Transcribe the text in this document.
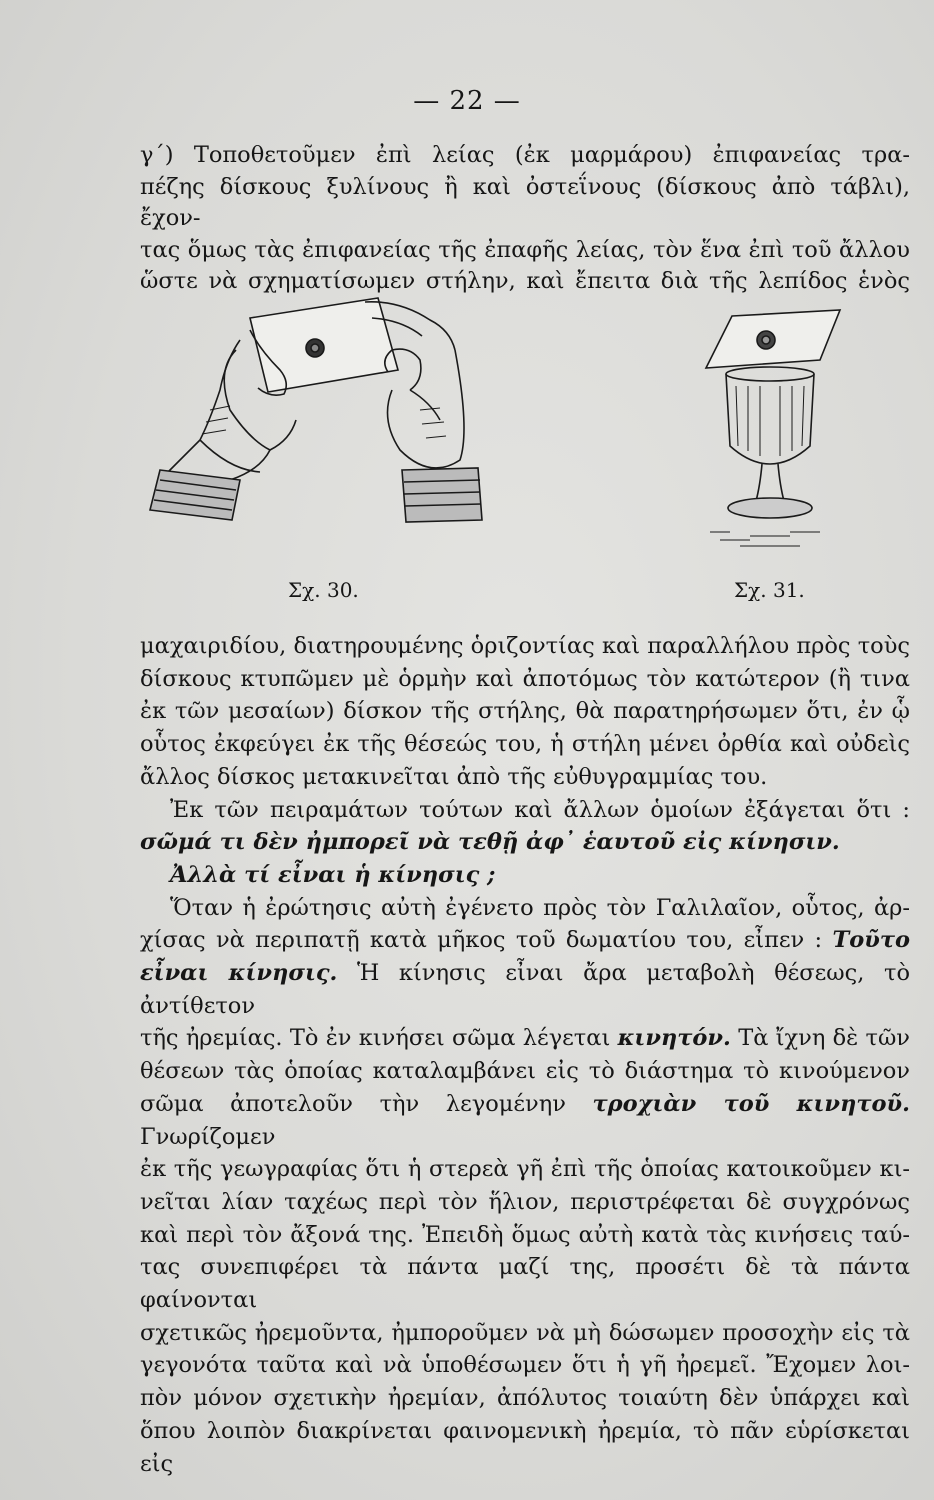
— 22 —

γ΄) Τοποθετοῦμεν ἐπὶ λείας (ἐκ μαρμάρου) ἐπιφανείας τρα-

πέζης δίσκους ξυλίνους ἢ καὶ ὀστεΐνους (δίσκους ἀπὸ τάβλι), ἔχον-

τας ὅμως τὰς ἐπιφανείας τῆς ἐπαφῆς λείας, τὸν ἕνα ἐπὶ τοῦ ἄλλου

ὥστε νὰ σχηματίσωμεν στήλην, καὶ ἔπειτα διὰ τῆς λεπίδος ἑνὸς

Σχ. 30.	Σχ. 31.

μαχαιριδίου, διατηρουμένης ὁριζοντίας καὶ παραλλήλου πρὸς τοὺς

δίσκους κτυπῶμεν μὲ ὁρμὴν καὶ ἀποτόμως τὸν κατώτερον (ἢ τινα

ἐκ τῶν μεσαίων) δίσκον τῆς στήλης, θὰ παρατηρήσωμεν ὅτι, ἐν ᾧ

οὗτος ἐκφεύγει ἐκ τῆς θέσεώς του, ἡ στήλη μένει ὀρθία καὶ οὐδεὶς

ἄλλος δίσκος μετακινεῖται ἀπὸ τῆς εὐθυγραμμίας του.

Ἐκ τῶν πειραμάτων τούτων καὶ ἄλλων ὁμοίων ἐξάγεται ὅτι :

σῶμά τι δὲν ἠμπορεῖ νὰ τεθῇ ἀφ᾿ ἑαυτοῦ εἰς κίνησιν.

Ἀλλὰ τί εἶναι ἡ κίνησις ;

Ὅταν ἡ ἐρώτησις αὐτὴ ἐγένετο πρὸς τὸν Γαλιλαῖον, οὗτος, ἀρ-

χίσας νὰ περιπατῇ κατὰ μῆκος τοῦ δωματίου του, εἶπεν : Τοῦτο

εἶναι κίνησις. Ἡ κίνησις εἶναι ἄρα μεταβολὴ θέσεως, τὸ ἀντίθετον

τῆς ἠρεμίας. Τὸ ἐν κινήσει σῶμα λέγεται κινητόν. Τὰ ἴχνη δὲ τῶν

θέσεων τὰς ὁποίας καταλαμβάνει εἰς τὸ διάστημα τὸ κινούμενον

σῶμα ἀποτελοῦν τὴν λεγομένην τροχιὰν τοῦ κινητοῦ. Γνωρίζομεν

ἐκ τῆς γεωγραφίας ὅτι ἡ στερεὰ γῆ ἐπὶ τῆς ὁποίας κατοικοῦμεν κι-

νεῖται λίαν ταχέως περὶ τὸν ἥλιον, περιστρέφεται δὲ συγχρόνως

καὶ περὶ τὸν ἄξονά της. Ἐπειδὴ ὅμως αὐτὴ κατὰ τὰς κινήσεις ταύ-

τας συνεπιφέρει τὰ πάντα μαζί της, προσέτι δὲ τὰ πάντα φαίνονται

σχετικῶς ἠρεμοῦντα, ἠμποροῦμεν νὰ μὴ δώσωμεν προσοχὴν εἰς τὰ

γεγονότα ταῦτα καὶ νὰ ὑποθέσωμεν ὅτι ἡ γῆ ἠρεμεῖ. Ἔχομεν λοι-

πὸν μόνον σχετικὴν ἠρεμίαν, ἀπόλυτος τοιαύτη δὲν ὑπάρχει καὶ

ὅπου λοιπὸν διακρίνεται φαινομενικὴ ἠρεμία, τὸ πᾶν εὑρίσκεται εἰς
